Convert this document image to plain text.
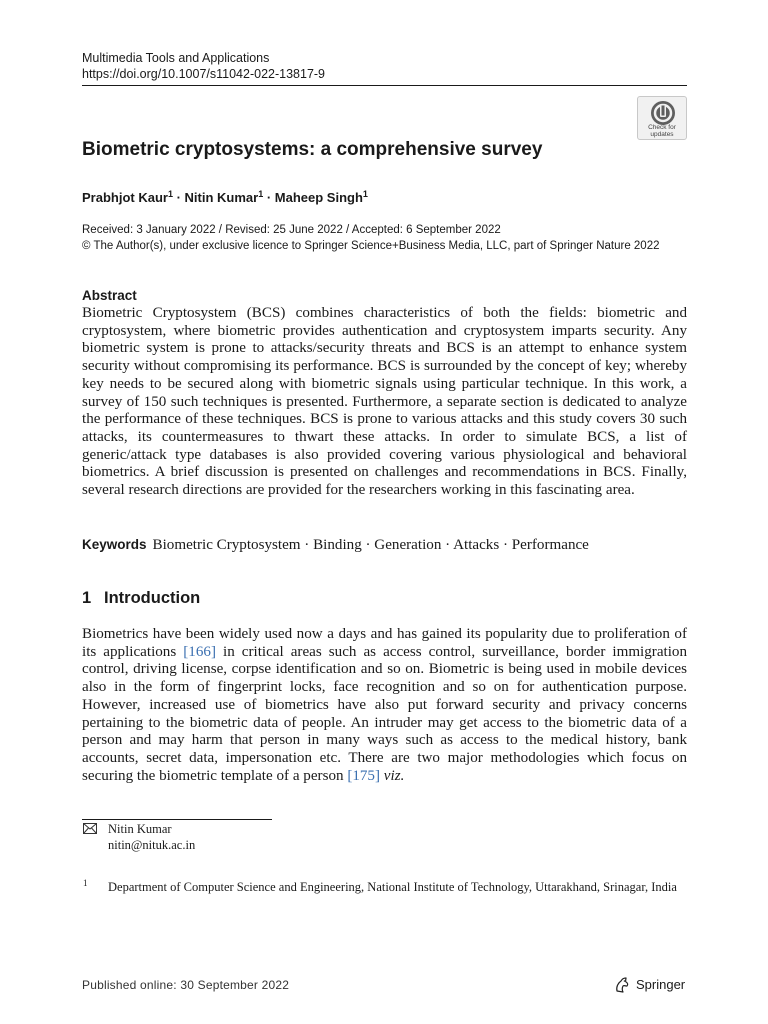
Multimedia Tools and Applications
https://doi.org/10.1007/s11042-022-13817-9
Check for
updates
Biometric cryptosystems: a comprehensive survey
Prabhjot Kaur$^1$ · Nitin Kumar$^1$ · Maheep Singh$^1$
Received: 3 January 2022 / Revised: 25 June 2022 / Accepted: 6 September 2022
© The Author(s), under exclusive licence to Springer Science+Business Media, LLC, part of Springer Nature 2022
Abstract

Biometric Cryptosystem (BCS) combines characteristics of both the fields: biometric and cryptosystem, where biometric provides authentication and cryptosystem imparts security. Any biometric system is prone to attacks/security threats and BCS is an attempt to enhance system security without compromising its performance. BCS is surrounded by the concept of key; whereby key needs to be secured along with biometric signals using particular technique. In this work, a survey of 150 such techniques is presented. Furthermore, a separate section is dedicated to analyze the performance of these techniques. BCS is prone to various attacks and this study covers 30 such attacks, its countermeasures to thwart these attacks. In order to simulate BCS, a list of generic/attack type databases is also provided covering various physiological and behavioral biometrics. A brief discussion is presented on challenges and recommendations in BCS. Finally, several research directions are provided for the researchers working in this fascinating area.

Keywords Biometric Cryptosystem · Binding · Generation · Attacks · Performance
1 Introduction

Biometrics have been widely used now a days and has gained its popularity due to proliferation of its applications [166] in critical areas such as access control, surveillance, border immigration control, driving license, corpse identification and so on. Biometric is being used in mobile devices also in the form of fingerprint locks, face recognition and so on for authentication purpose. However, increased use of biometrics have also put forward security and privacy concerns pertaining to the biometric data of people. An intruder may get access to the biometric data of a person and may harm that person in many ways such as access to the medical history, bank accounts, secret data, impersonation etc. There are two major methodologies which focus on securing the biometric template of a person [175] viz.

Nitin Kumar
nitin@nituk.ac.in
1 Department of Computer Science and Engineering, National Institute of Technology, Uttarakhand, Srinagar, India
Published online: 30 September 2022	Springer
